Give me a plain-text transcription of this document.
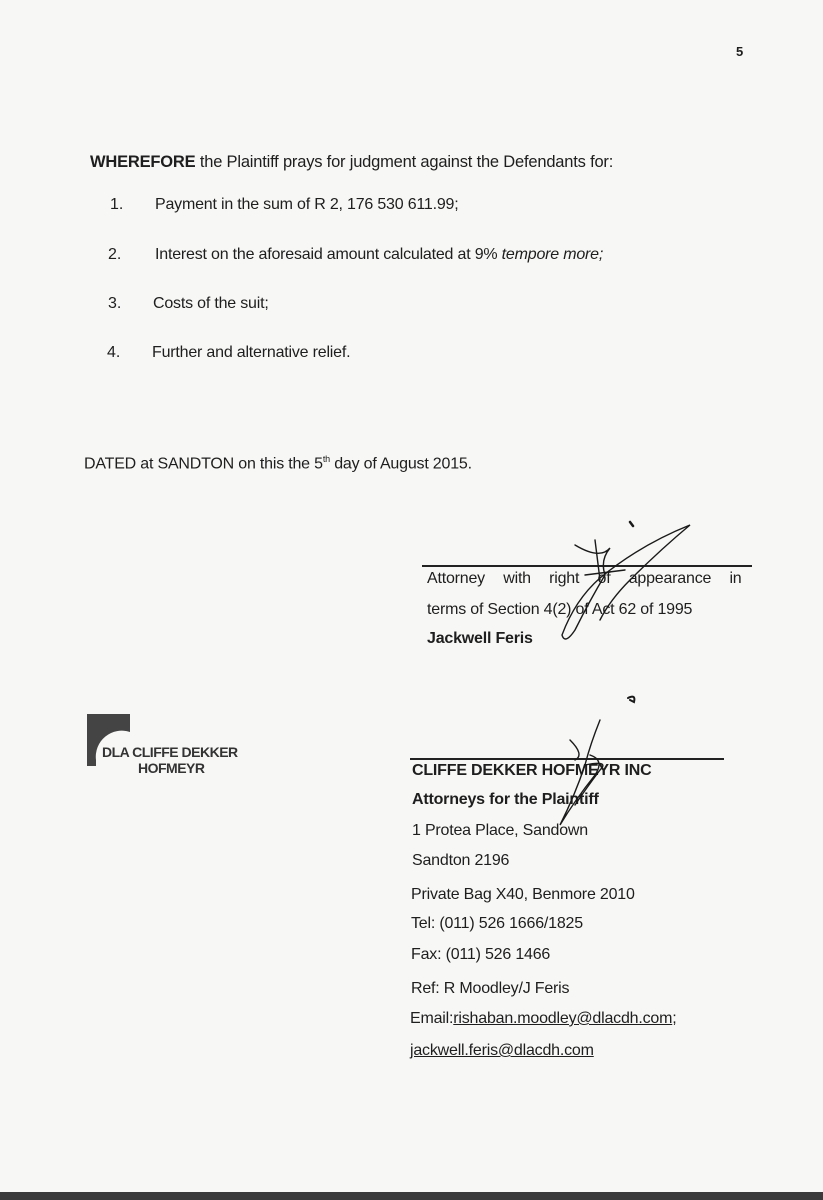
5
WHEREFORE the Plaintiff prays for judgment against the Defendants for:
1. Payment in the sum of R 2, 176 530 611.99;
2. Interest on the aforesaid amount calculated at 9% tempore more;
3. Costs of the suit;
4. Further and alternative relief.
DATED at SANDTON on this the 5th day of August 2015.
Attorney with right of appearance in
terms of Section 4(2) of Act 62 of 1995
Jackwell Feris
DLA CLIFFE DEKKER
HOFMEYR	CLIFFE DEKKER HOFMEYR INC
Attorneys for the Plaintiff
1 Protea Place, Sandown
Sandton 2196
Private Bag X40, Benmore 2010
Tel: (011) 526 1666/1825
Fax: (011) 526 1466
Ref: R Moodley/J Feris
Email:rishaban.moodley@dlacdh.com;
jackwell.feris@dlacdh.com
